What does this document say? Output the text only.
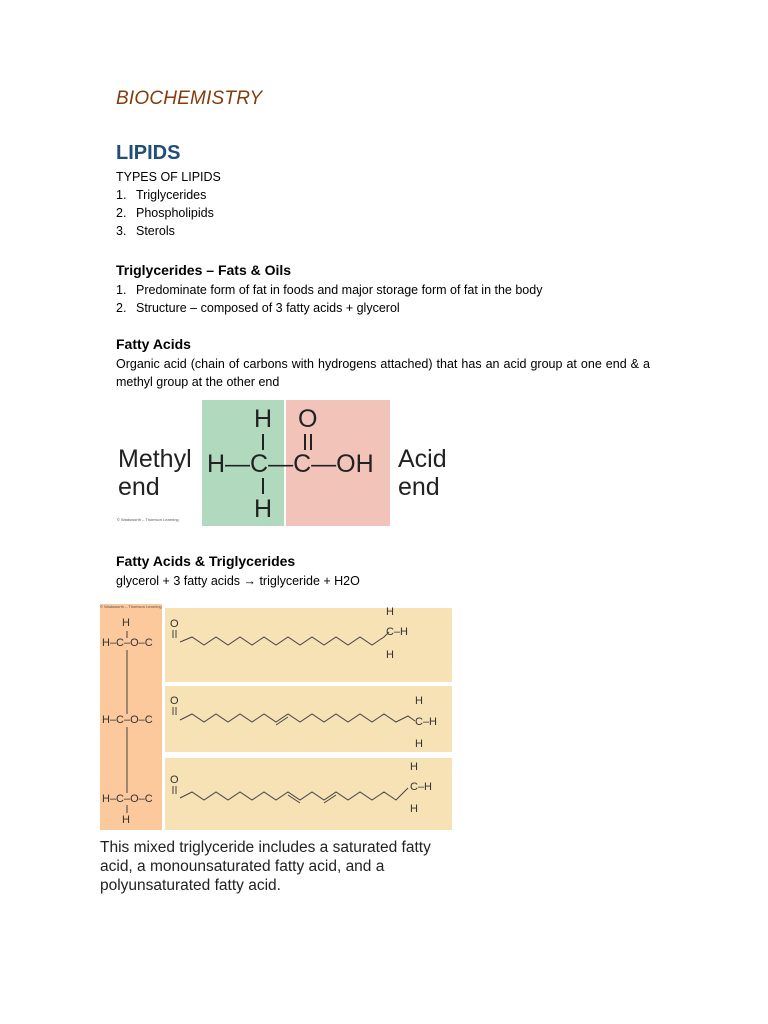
BIOCHEMISTRY
LIPIDS
TYPES OF LIPIDS
1. Triglycerides
2. Phospholipids
3. Sterols
Triglycerides – Fats & Oils
1. Predominate form of fat in foods and major storage form of fat in the body
2. Structure – composed of 3 fatty acids + glycerol
Fatty Acids
Organic acid (chain of carbons with hydrogens attached) that has an acid group at one end & a methyl group at the other end
Methyl
end
Acid
end
H O
H—C—C—OH
H
© Wadsworth – Thomson Learning
Fatty Acids & Triglycerides
glycerol + 3 fatty acids → triglyceride + H2O
© Wadsworth – Thomson Learning
H
H–C–O–C
H–C–O–C
H–C–O–C
H
O
O
O
H
C–H
H
H
C–H
H
H
C–H
H
This mixed triglyceride includes a saturated fatty acid, a monounsaturated fatty acid, and a polyunsaturated fatty acid.
